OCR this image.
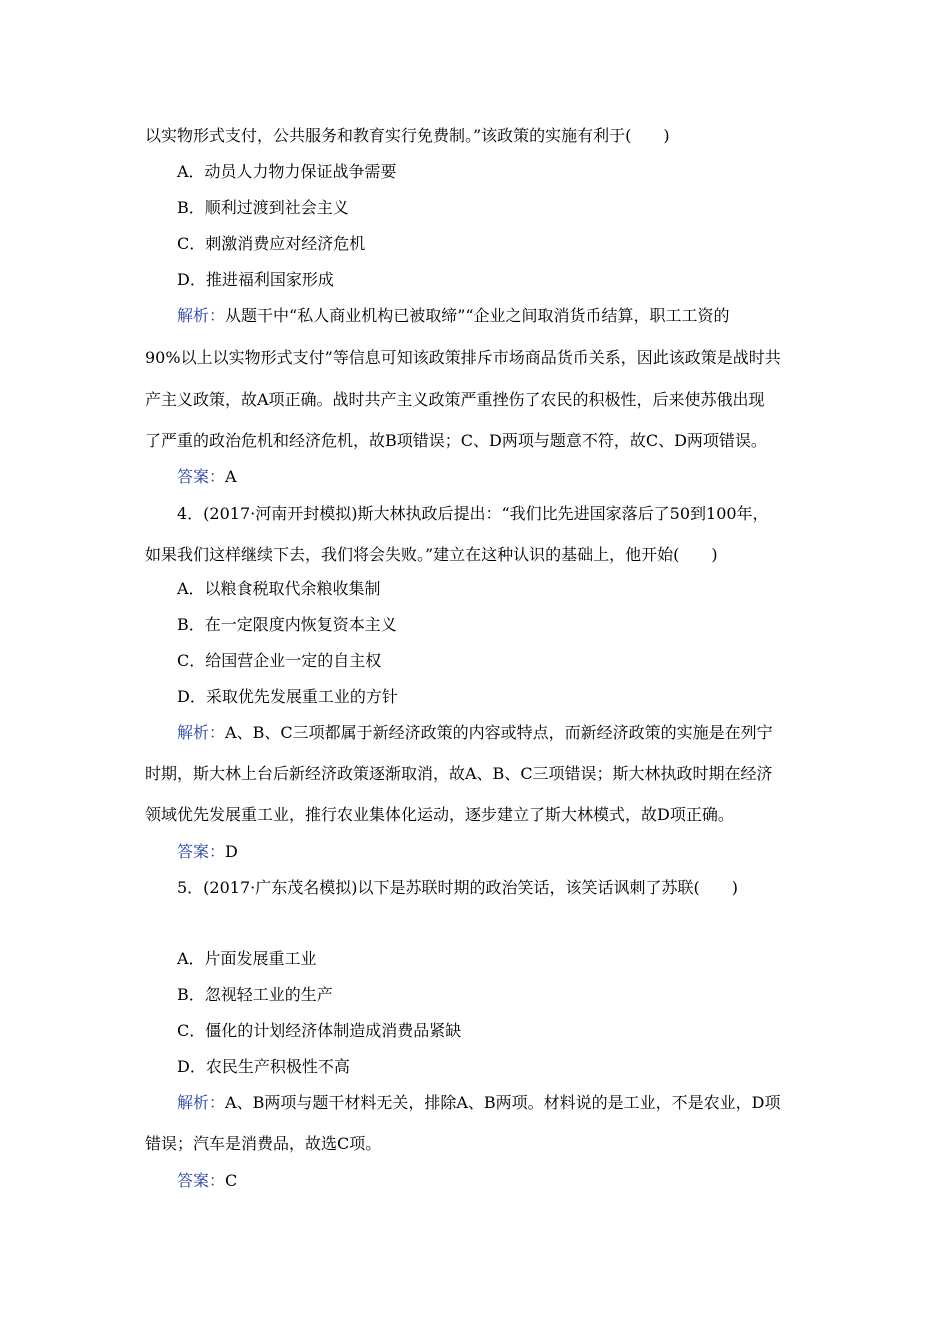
以实物形式支付，公共服务和教育实行免费制。”该政策的实施有利于(　　)
A．动员人力物力保证战争需要
B．顺利过渡到社会主义
C．刺激消费应对经济危机
D．推进福利国家形成
解析：从题干中“私人商业机构已被取缔”“企业之间取消货币结算，职工工资的
90%以上以实物形式支付”等信息可知该政策排斥市场商品货币关系，因此该政策是战时共
产主义政策，故A项正确。战时共产主义政策严重挫伤了农民的积极性，后来使苏俄出现
了严重的政治危机和经济危机，故B项错误；C、D两项与题意不符，故C、D两项错误。
答案：A
4．(2017·河南开封模拟)斯大林执政后提出：“我们比先进国家落后了50到100年，
如果我们这样继续下去，我们将会失败。”建立在这种认识的基础上，他开始(　　)
A．以粮食税取代余粮收集制
B．在一定限度内恢复资本主义
C．给国营企业一定的自主权
D．采取优先发展重工业的方针
解析：A、B、C三项都属于新经济政策的内容或特点，而新经济政策的实施是在列宁
时期，斯大林上台后新经济政策逐渐取消，故A、B、C三项错误；斯大林执政时期在经济
领域优先发展重工业，推行农业集体化运动，逐步建立了斯大林模式，故D项正确。
答案：D
5．(2017·广东茂名模拟)以下是苏联时期的政治笑话，该笑话讽刺了苏联(　　)
A．片面发展重工业
B．忽视轻工业的生产
C．僵化的计划经济体制造成消费品紧缺
D．农民生产积极性不高
解析：A、B两项与题干材料无关，排除A、B两项。材料说的是工业，不是农业，D项
错误；汽车是消费品，故选C项。
答案：C
